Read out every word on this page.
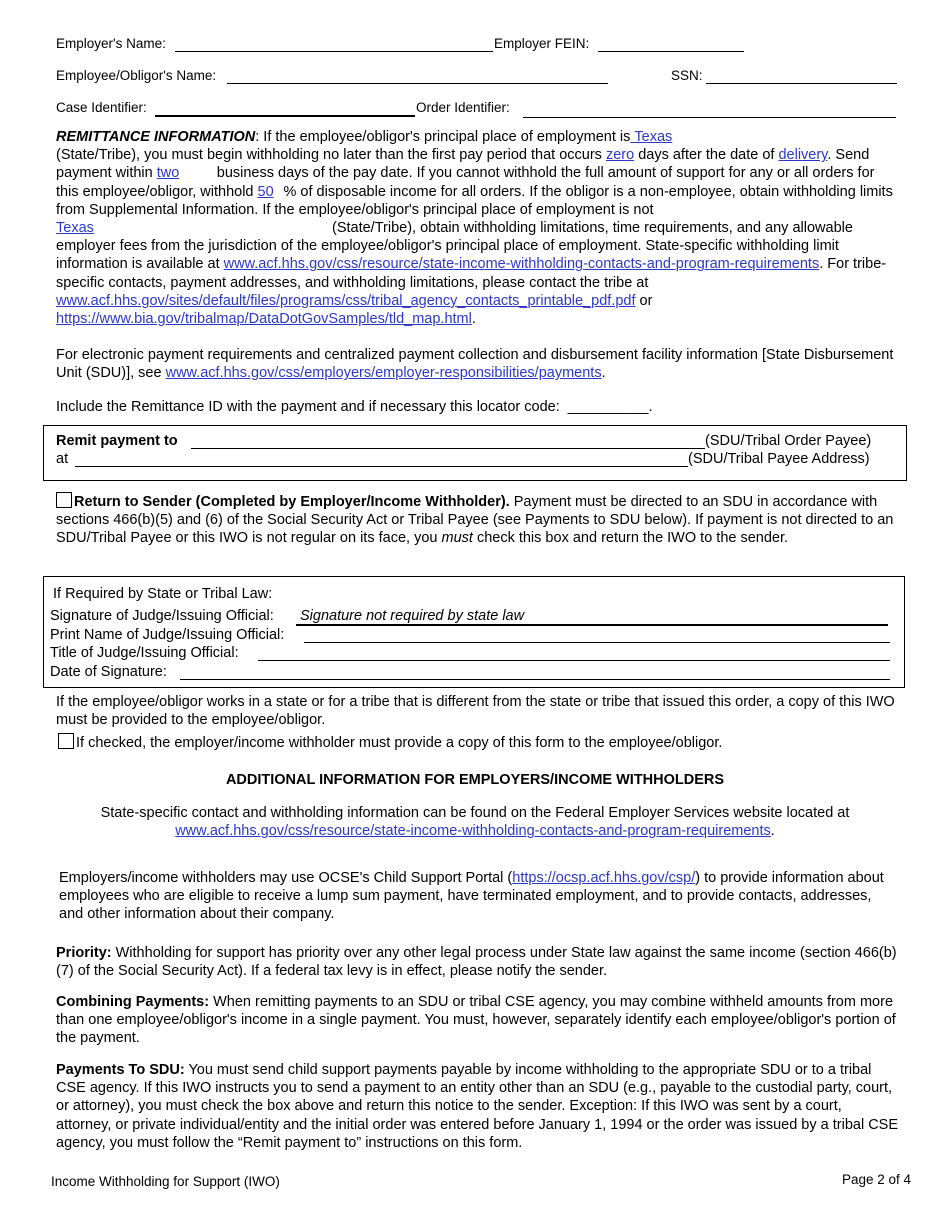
Employer's Name:	Employer FEIN:
Employee/Obligor's Name:	SSN:
Case Identifier:	Order Identifier:
REMITTANCE INFORMATION: If the employee/obligor's principal place of employment is Texas (State/Tribe), you must begin withholding no later than the first pay period that occurs zero days after the date of delivery. Send payment within two	business days of the pay date. If you cannot withhold the full amount of support for any or all orders for this employee/obligor, withhold 50 % of disposable income for all orders. If the obligor is a non-employee, obtain withholding limits from Supplemental Information. If the employee/obligor's principal place of employment is not Texas	(State/Tribe), obtain withholding limitations, time requirements, and any allowable employer fees from the jurisdiction of the employee/obligor's principal place of employment. State-specific withholding limit information is available at www.acf.hhs.gov/css/resource/state-income-withholding-contacts-and-program-requirements. For tribe-specific contacts, payment addresses, and withholding limitations, please contact the tribe at www.acf.hhs.gov/sites/default/files/programs/css/tribal_agency_contacts_printable_pdf.pdf or https://www.bia.gov/tribalmap/DataDotGovSamples/tld_map.html.
For electronic payment requirements and centralized payment collection and disbursement facility information [State Disbursement Unit (SDU)], see www.acf.hhs.gov/css/employers/employer-responsibilities/payments.
Include the Remittance ID with the payment and if necessary this locator code: __________.
Remit payment to	(SDU/Tribal Order Payee)
at	(SDU/Tribal Payee Address)
Return to Sender (Completed by Employer/Income Withholder). Payment must be directed to an SDU in accordance with sections 466(b)(5) and (6) of the Social Security Act or Tribal Payee (see Payments to SDU below). If payment is not directed to an SDU/Tribal Payee or this IWO is not regular on its face, you must check this box and return the IWO to the sender.
If Required by State or Tribal Law:
Signature of Judge/Issuing Official: Signature not required by state law
Print Name of Judge/Issuing Official:
Title of Judge/Issuing Official:
Date of Signature:
If the employee/obligor works in a state or for a tribe that is different from the state or tribe that issued this order, a copy of this IWO must be provided to the employee/obligor.
If checked, the employer/income withholder must provide a copy of this form to the employee/obligor.
ADDITIONAL INFORMATION FOR EMPLOYERS/INCOME WITHHOLDERS
State-specific contact and withholding information can be found on the Federal Employer Services website located at www.acf.hhs.gov/css/resource/state-income-withholding-contacts-and-program-requirements.
Employers/income withholders may use OCSE's Child Support Portal (https://ocsp.acf.hhs.gov/csp/) to provide information about employees who are eligible to receive a lump sum payment, have terminated employment, and to provide contacts, addresses, and other information about their company.
Priority: Withholding for support has priority over any other legal process under State law against the same income (section 466(b)(7) of the Social Security Act). If a federal tax levy is in effect, please notify the sender.
Combining Payments: When remitting payments to an SDU or tribal CSE agency, you may combine withheld amounts from more than one employee/obligor's income in a single payment. You must, however, separately identify each employee/obligor's portion of the payment.
Payments To SDU: You must send child support payments payable by income withholding to the appropriate SDU or to a tribal CSE agency. If this IWO instructs you to send a payment to an entity other than an SDU (e.g., payable to the custodial party, court, or attorney), you must check the box above and return this notice to the sender. Exception: If this IWO was sent by a court, attorney, or private individual/entity and the initial order was entered before January 1, 1994 or the order was issued by a tribal CSE agency, you must follow the “Remit payment to” instructions on this form.
Income Withholding for Support (IWO)	Page 2 of 4
